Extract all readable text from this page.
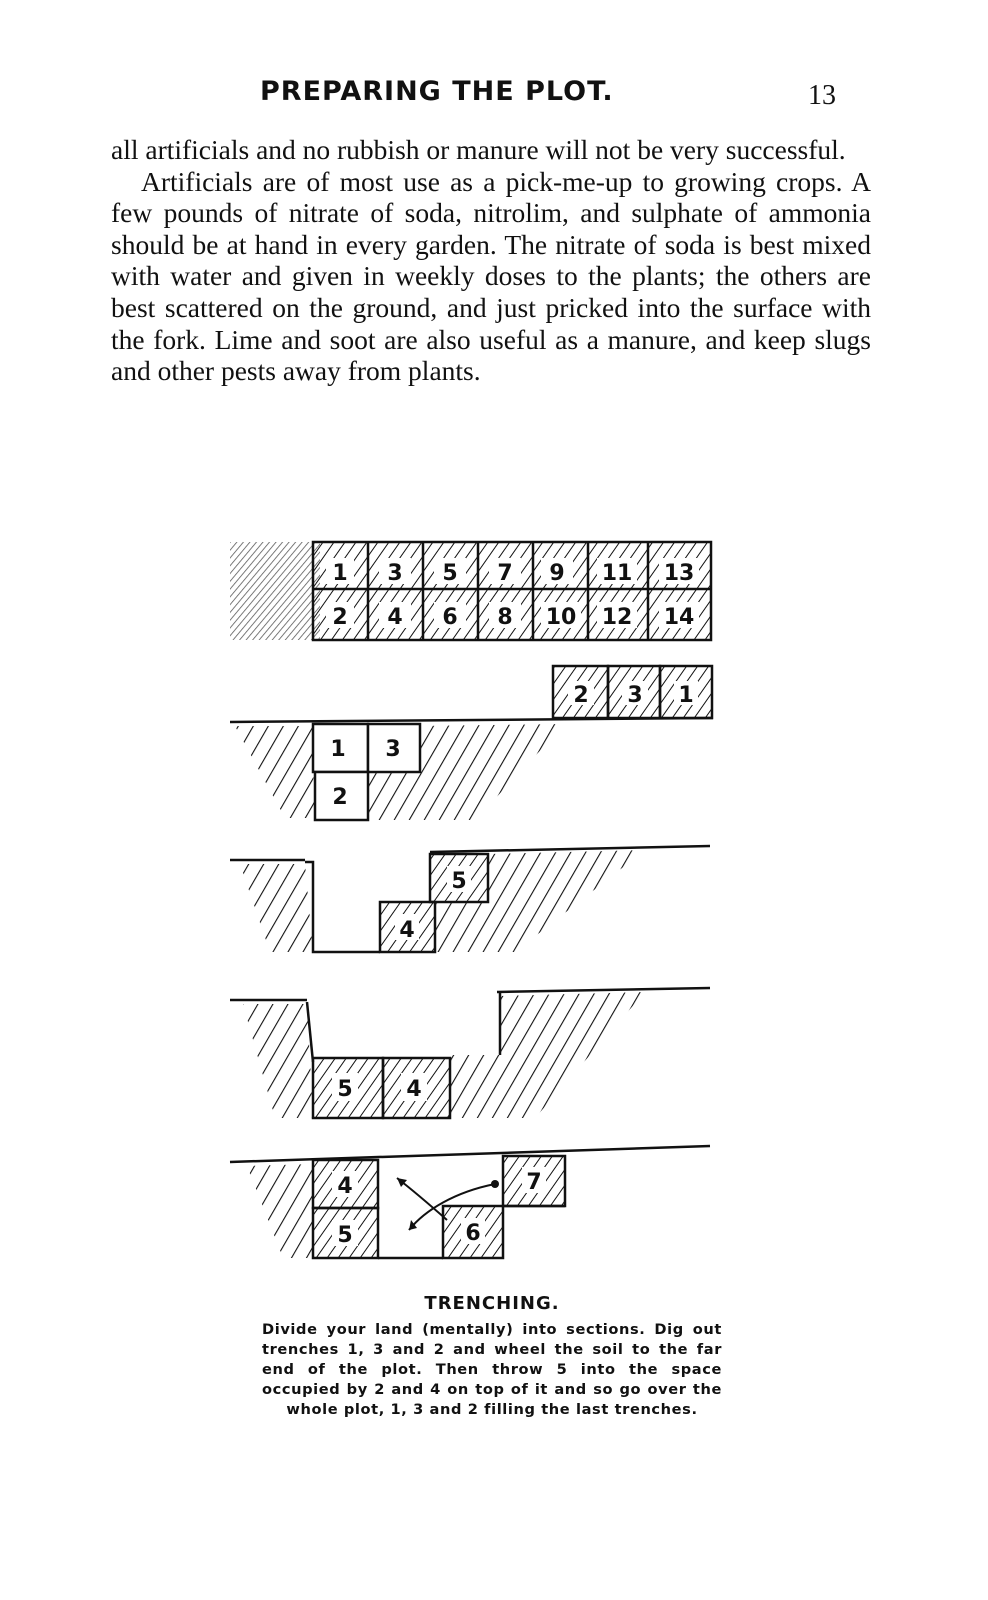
PREPARING THE PLOT.	13

all artificials and no rubbish or manure will not be very successful.

Artificials are of most use as a pick-me-up to growing crops. A few pounds of nitrate of soda, nitrolim, and sulphate of ammonia should be at hand in every garden. The nitrate of soda is best mixed with water and given in weekly doses to the plants; the others are best scattered on the ground, and just pricked into the surface with the fork. Lime and soot are also useful as a manure, and keep slugs and other pests away from plants.

1 3 5 7 9 11 13
2 4 6 8 10 12 14
2 3 1
1 3
2
4
5
5 4
4
5
7
6
TRENCHING.
Divide your land (mentally) into sections. Dig out trenches 1, 3 and 2 and wheel the soil to the far end of the plot. Then throw 5 into the space occupied by 2 and 4 on top of it and so go over the whole plot, 1, 3 and 2 filling the last trenches.
